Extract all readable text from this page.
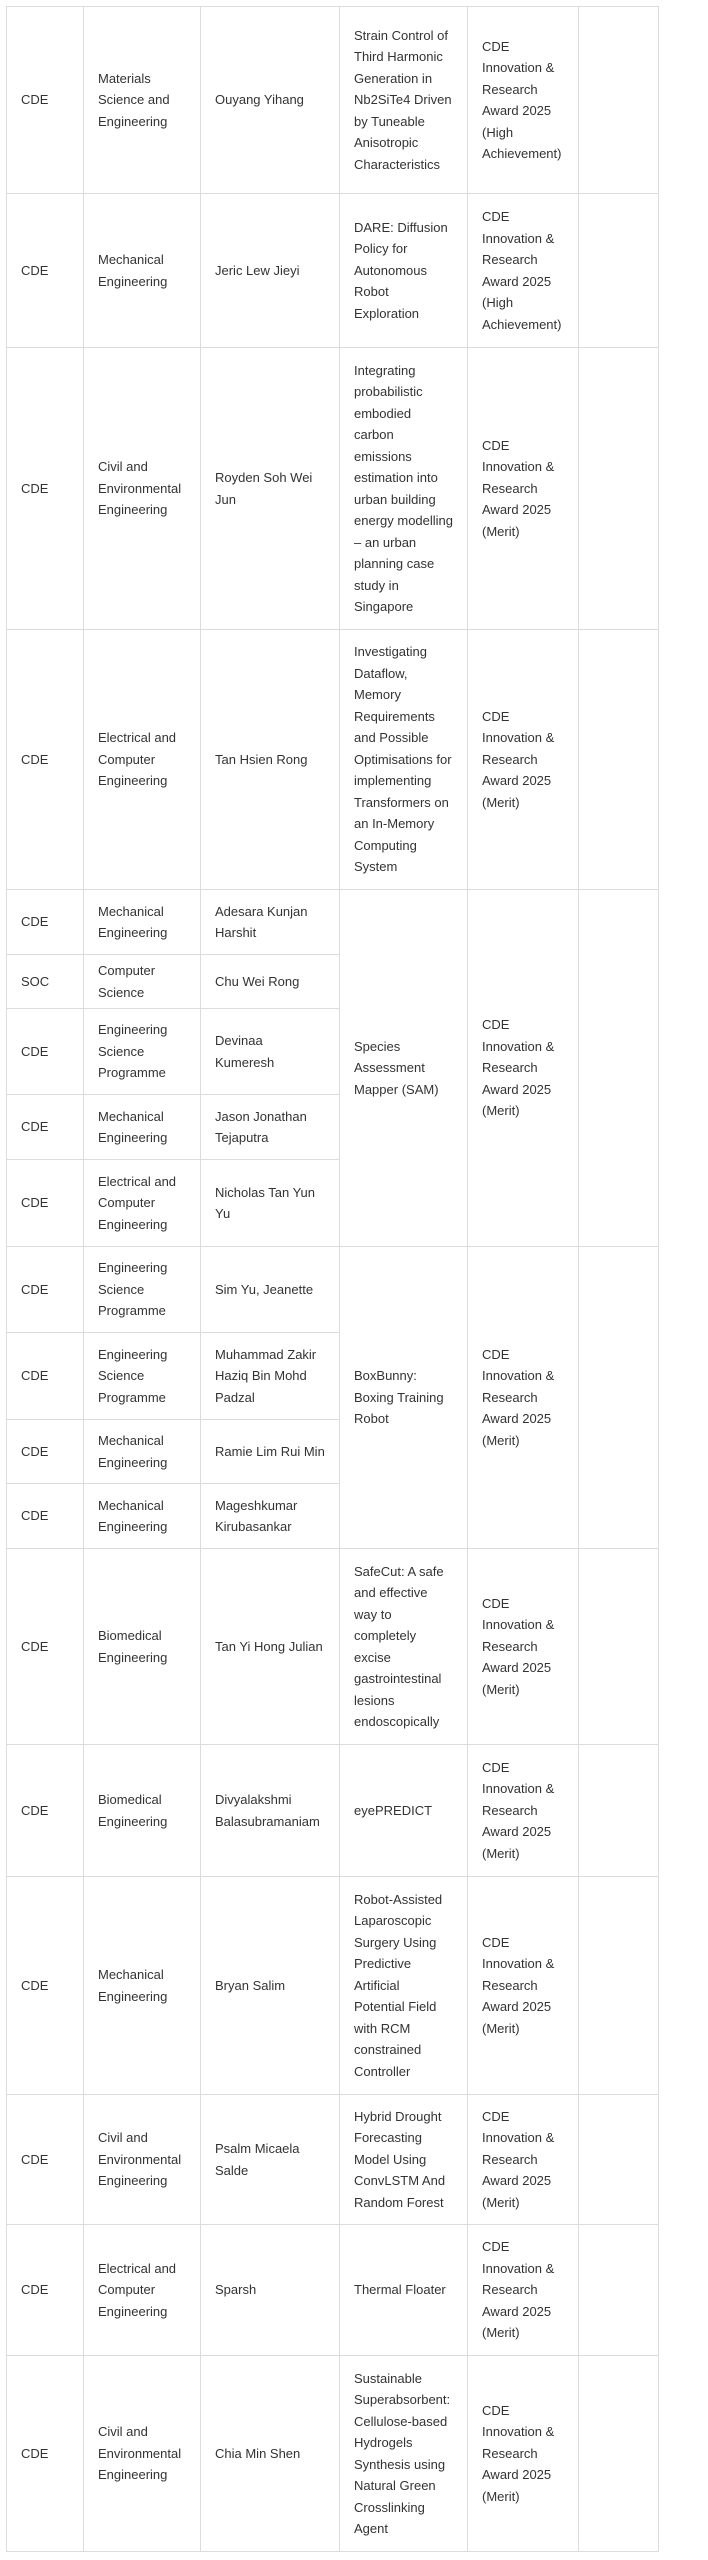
CDE	Materials Science and Engineering	Ouyang Yihang	Strain Control of Third Harmonic Generation in Nb2SiTe4 Driven by Tuneable Anisotropic Characteristics	CDE Innovation & Research Award 2025 (High Achievement)	
CDE	Mechanical Engineering	Jeric Lew Jieyi	DARE: Diffusion Policy for Autonomous Robot Exploration	CDE Innovation & Research Award 2025 (High Achievement)	
CDE	Civil and Environmental Engineering	Royden Soh Wei Jun	Integrating probabilistic embodied carbon emissions estimation into urban building energy modelling – an urban planning case study in Singapore	CDE Innovation & Research Award 2025 (Merit)	
CDE	Electrical and Computer Engineering	Tan Hsien Rong	Investigating Dataflow, Memory Requirements and Possible Optimisations for implementing Transformers on an In-Memory Computing System	CDE Innovation & Research Award 2025 (Merit)	
CDE	Mechanical Engineering	Adesara Kunjan Harshit	Species Assessment Mapper (SAM)	CDE Innovation & Research Award 2025 (Merit)	
SOC	Computer Science	Chu Wei Rong			
CDE	Engineering Science Programme	Devinaa Kumeresh			
CDE	Mechanical Engineering	Jason Jonathan Tejaputra			
CDE	Electrical and Computer Engineering	Nicholas Tan Yun Yu			
CDE	Engineering Science Programme	Sim Yu, Jeanette	BoxBunny: Boxing Training Robot	CDE Innovation & Research Award 2025 (Merit)	
CDE	Engineering Science Programme	Muhammad Zakir Haziq Bin Mohd Padzal			
CDE	Mechanical Engineering	Ramie Lim Rui Min			
CDE	Mechanical Engineering	Mageshkumar Kirubasankar			
CDE	Biomedical Engineering	Tan Yi Hong Julian	SafeCut: A safe and effective way to completely excise gastrointestinal lesions endoscopically	CDE Innovation & Research Award 2025 (Merit)	
CDE	Biomedical Engineering	Divyalakshmi Balasubramaniam	eyePREDICT	CDE Innovation & Research Award 2025 (Merit)	
CDE	Mechanical Engineering	Bryan Salim	Robot-Assisted Laparoscopic Surgery Using Predictive Artificial Potential Field with RCM constrained Controller	CDE Innovation & Research Award 2025 (Merit)	
CDE	Civil and Environmental Engineering	Psalm Micaela Salde	Hybrid Drought Forecasting Model Using ConvLSTM And Random Forest	CDE Innovation & Research Award 2025 (Merit)	
CDE	Electrical and Computer Engineering	Sparsh	Thermal Floater	CDE Innovation & Research Award 2025 (Merit)	
CDE	Civil and Environmental Engineering	Chia Min Shen	Sustainable Superabsorbent: Cellulose-based Hydrogels Synthesis using Natural Green Crosslinking Agent	CDE Innovation & Research Award 2025 (Merit)	
